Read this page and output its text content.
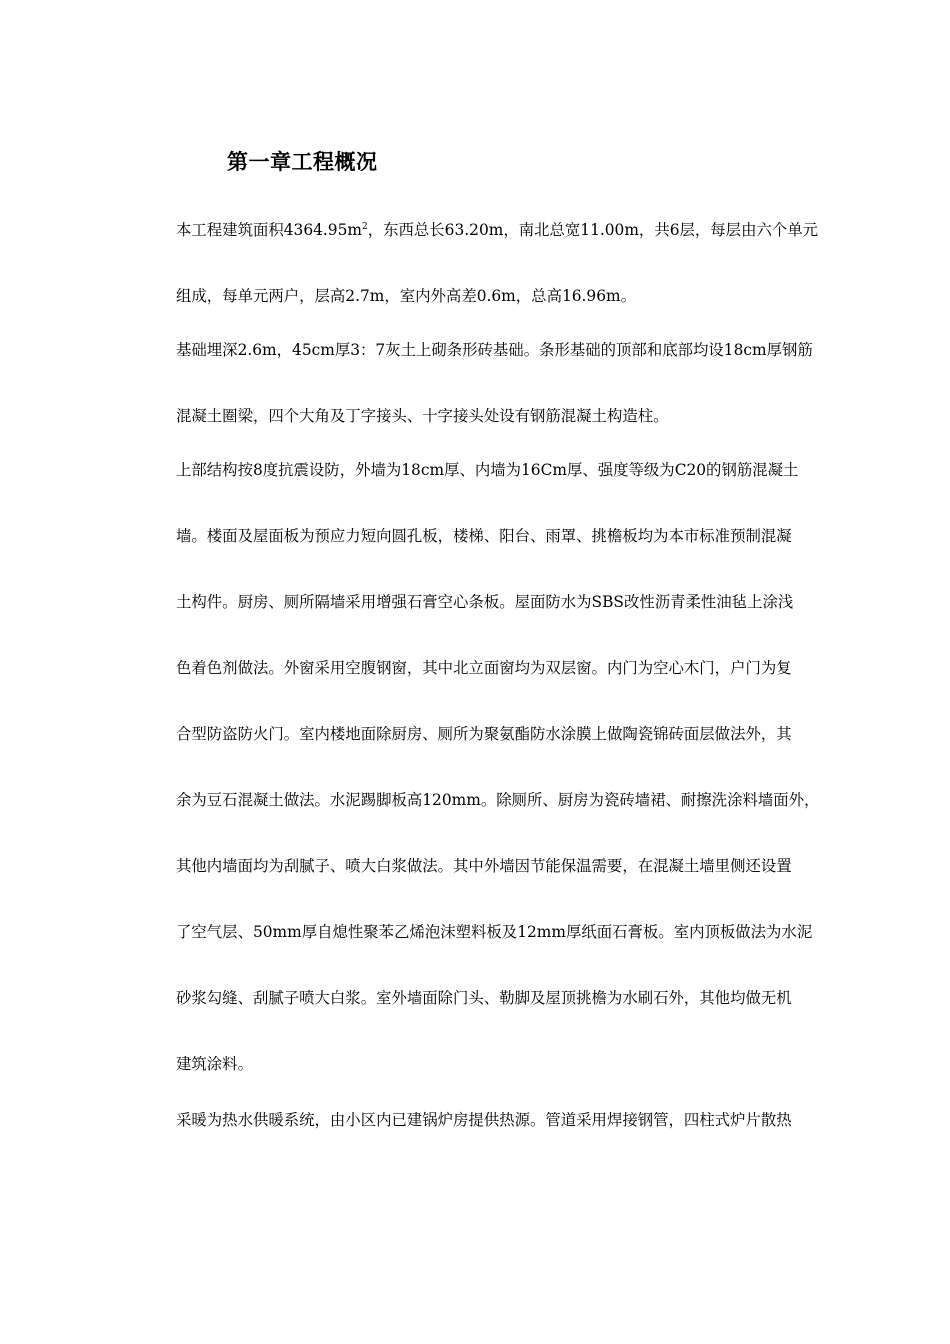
第一章工程概况

本工程建筑面积$4364.95m^2$，东西总长63.20m，南北总宽11.00m，共6层，每层由六个单元

组成，每单元两户，层高2.7m，室内外高差0.6m，总高16.96m。

基础埋深2.6m，45cm厚3：7灰土上砌条形砖基础。条形基础的顶部和底部均设18cm厚钢筋

混凝土圈梁，四个大角及丁字接头、十字接头处设有钢筋混凝土构造柱。

上部结构按8度抗震设防，外墙为18cm厚、内墙为16Cm厚、强度等级为C20的钢筋混凝土

墙。楼面及屋面板为预应力短向圆孔板，楼梯、阳台、雨罩、挑檐板均为本市标准预制混凝

土构件。厨房、厕所隔墙采用增强石膏空心条板。屋面防水为SBS改性沥青柔性油毡上涂浅

色着色剂做法。外窗采用空腹钢窗，其中北立面窗均为双层窗。内门为空心木门，户门为复

合型防盗防火门。室内楼地面除厨房、厕所为聚氨酯防水涂膜上做陶瓷锦砖面层做法外，其

余为豆石混凝土做法。水泥踢脚板高120mm。除厕所、厨房为瓷砖墙裙、耐擦洗涂料墙面外，

其他内墙面均为刮腻子、喷大白浆做法。其中外墙因节能保温需要，在混凝土墙里侧还设置

了空气层、50mm厚自熄性聚苯乙烯泡沫塑料板及12mm厚纸面石膏板。室内顶板做法为水泥

砂浆勾缝、刮腻子喷大白浆。室外墙面除门头、勒脚及屋顶挑檐为水刷石外，其他均做无机

建筑涂料。

采暖为热水供暖系统，由小区内已建锅炉房提供热源。管道采用焊接钢管，四柱式炉片散热
